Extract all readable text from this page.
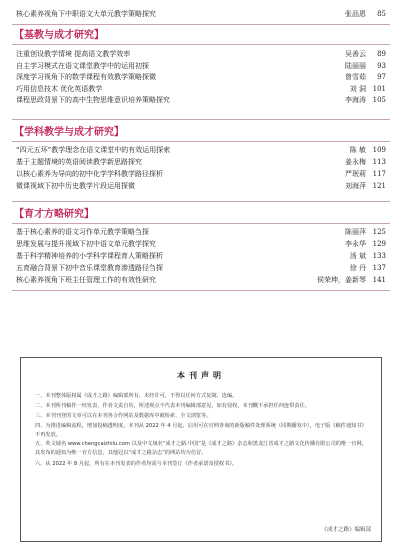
核心素养视角下中职语文大单元教学策略探究	张品恩	85
【基教与成才研究】
注重创设教学情境 提高语文教学效率	吴善云	89
自主学习模式在语文课堂教学中的运用初探	陆丽丽	93
深度学习视角下的数学课程有效教学策略探微	曾雪茹	97
巧用信息技术 优化英语教学	刘 洞 101
课程思政背景下的高中生物思维意识培养策略探究	李海涛 105
【学科教学与成才研究】
“四元五环”教学理念在语文课堂中的有效运用探索	陈 敏 109
基于主题情境的英语阅读教学新思路探究	姜永梅 113
以核心素养为导向的初中化学学科教学路径探析	严珉莉 117
微课视域下初中历史教学片段运用探微	刘海萍 121
【育才方略研究】
基于核心素养的语文习作单元教学策略刍探	陈丽萍 125
思维发展与提升视域下初中语文单元教学探究	李永华 129
基于科学精神培养的小学科学课程育人策略探析	汤 斌 133
五育融合背景下初中音乐课堂教育渗透路径刍探	徐 丹 137
核心素养视角下班主任管理工作的有效性研究	侯荣坤，姜新琴 141
本刊声明
一、本刊整体版权属《成才之路》编辑部所有，未经许可，不得以任何方式复制、选编。
二、本刊所刊稿件一经发表，作者文责自负，所述观点不代表本刊编辑部意见，如有侵权，本刊概不承担任何连带责任。
三、本刊刊登的文章可以在本刊各合作网站及数据库中被检索、全文浏览等。
四、为推进编辑流程，增加投稿透明度，本刊从 2022 年 4 月起，启用可在官网查询的新版稿件处理系统（同期播发中），电子版《稿件通知书》不再发放。
五、英文域名 www.chengcaizhilu.com 以及中文域名“成才之路.中国”是《成才之路》杂志和黑龙江省成才之路文化传播有限公司的唯一官网，其发布的通知为唯一官方信息，其他冠以“成才之路杂志”的网站均为仿冒。
六、从 2022 年 8 月起，所有在本刊发表的作者均需与本刊签订《作者承诺及授权书》。
《成才之路》编辑部
